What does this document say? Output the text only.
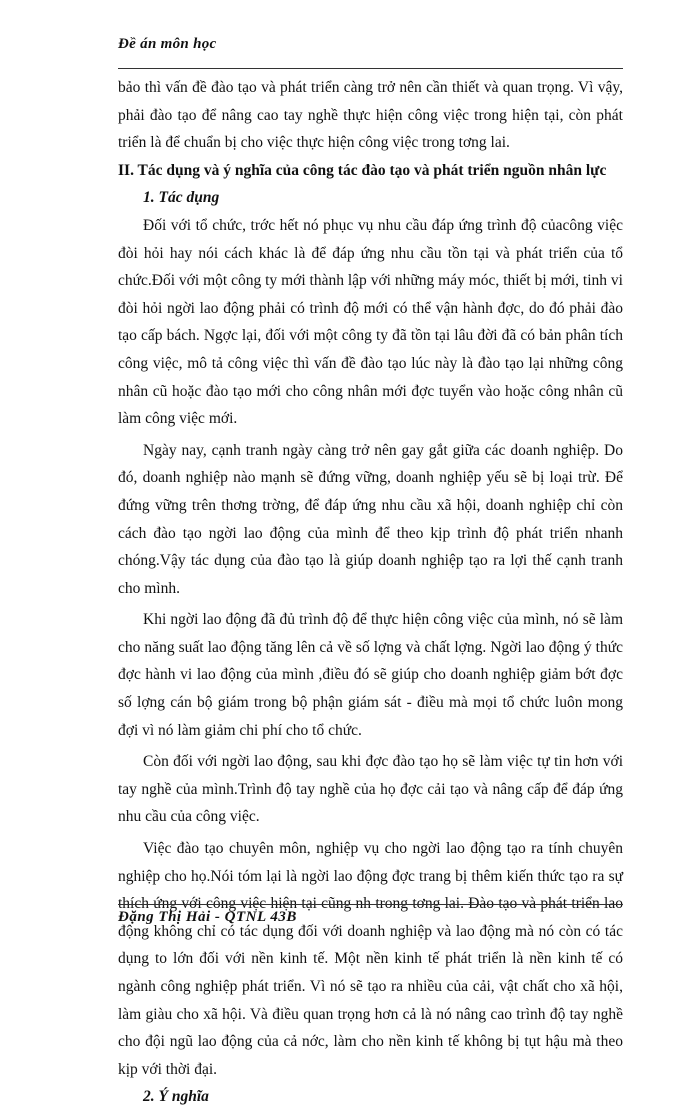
Đề án môn học

bảo thì vấn đề đào tạo và phát triển càng trở nên cần thiết và quan trọng. Vì vậy, phải đào tạo để nâng cao tay nghề thực hiện công việc trong hiện tại, còn phát triển là để chuẩn bị cho việc thực hiện công việc trong tơng lai.

II. Tác dụng và ý nghĩa của công tác đào tạo và phát triển nguồn nhân lực
1. Tác dụng

Đối với tổ chức, trớc hết nó phục vụ nhu cầu đáp ứng trình độ củacông việc đòi hỏi hay nói cách khác là để đáp ứng nhu cầu tồn tại và phát triển của tổ chức.Đối với một công ty mới thành lập với những máy móc, thiết bị mới, tinh vi đòi hỏi ngời lao động phải có trình độ mới có thể vận hành đợc, do đó phải đào tạo cấp bách. Ngợc lại, đối với một công ty đã tồn tại lâu đời đã có bản phân tích công việc, mô tả công việc thì vấn đề đào tạo lúc này là đào tạo lại những công nhân cũ hoặc đào tạo mới cho công nhân mới đợc tuyển vào hoặc công nhân cũ làm công việc mới.

Ngày nay, cạnh tranh ngày càng trở nên gay gắt giữa các doanh nghiệp. Do đó, doanh nghiệp nào mạnh sẽ đứng vững, doanh nghiệp yếu sẽ bị loại trừ. Để đứng vững trên thơng trờng, để đáp ứng nhu cầu xã hội, doanh nghiệp chỉ còn cách đào tạo ngời lao động của mình để theo kịp trình độ phát triển nhanh chóng.Vậy tác dụng của đào tạo là giúp doanh nghiệp tạo ra lợi thế cạnh tranh cho mình.

Khi ngời lao động đã đủ trình độ để thực hiện công việc của mình, nó sẽ làm cho năng suất lao động tăng lên cả về số lợng và chất lợng. Ngời lao động ý thức đợc hành vi lao động của mình ,điều đó sẽ giúp cho doanh nghiệp giảm bớt đợc số lợng cán bộ giám trong bộ phận giám sát - điều mà mọi tổ chức luôn mong đợi vì nó làm giảm chi phí cho tổ chức.

Còn đối với ngời lao động, sau khi đợc đào tạo họ sẽ làm việc tự tin hơn với tay nghề của mình.Trình độ tay nghề của họ đợc cải tạo và nâng cấp để đáp ứng nhu cầu của công việc.

Việc đào tạo chuyên môn, nghiệp vụ cho ngời lao động tạo ra tính chuyên nghiệp cho họ.Nói tóm lại là ngời lao động đợc trang bị thêm kiến thức tạo ra sự thích ứng với công việc hiện tại cũng nh trong tơng lai. Đào tạo và phát triển lao động không chỉ có tác dụng đối với doanh nghiệp và lao động mà nó còn có tác dụng to lớn đối với nền kinh tế. Một nền kinh tế phát triển là nền kinh tế có ngành công nghiệp phát triển. Vì nó sẽ tạo ra nhiều của cải, vật chất cho xã hội, làm giàu cho xã hội. Và điều quan trọng hơn cả là nó nâng cao trình độ tay nghề cho đội ngũ lao động của cả nớc, làm cho nền kinh tế không bị tụt hậu mà theo kịp với thời đại.

2. Ý nghĩa
Đặng Thị Hải - QTNL 43B
